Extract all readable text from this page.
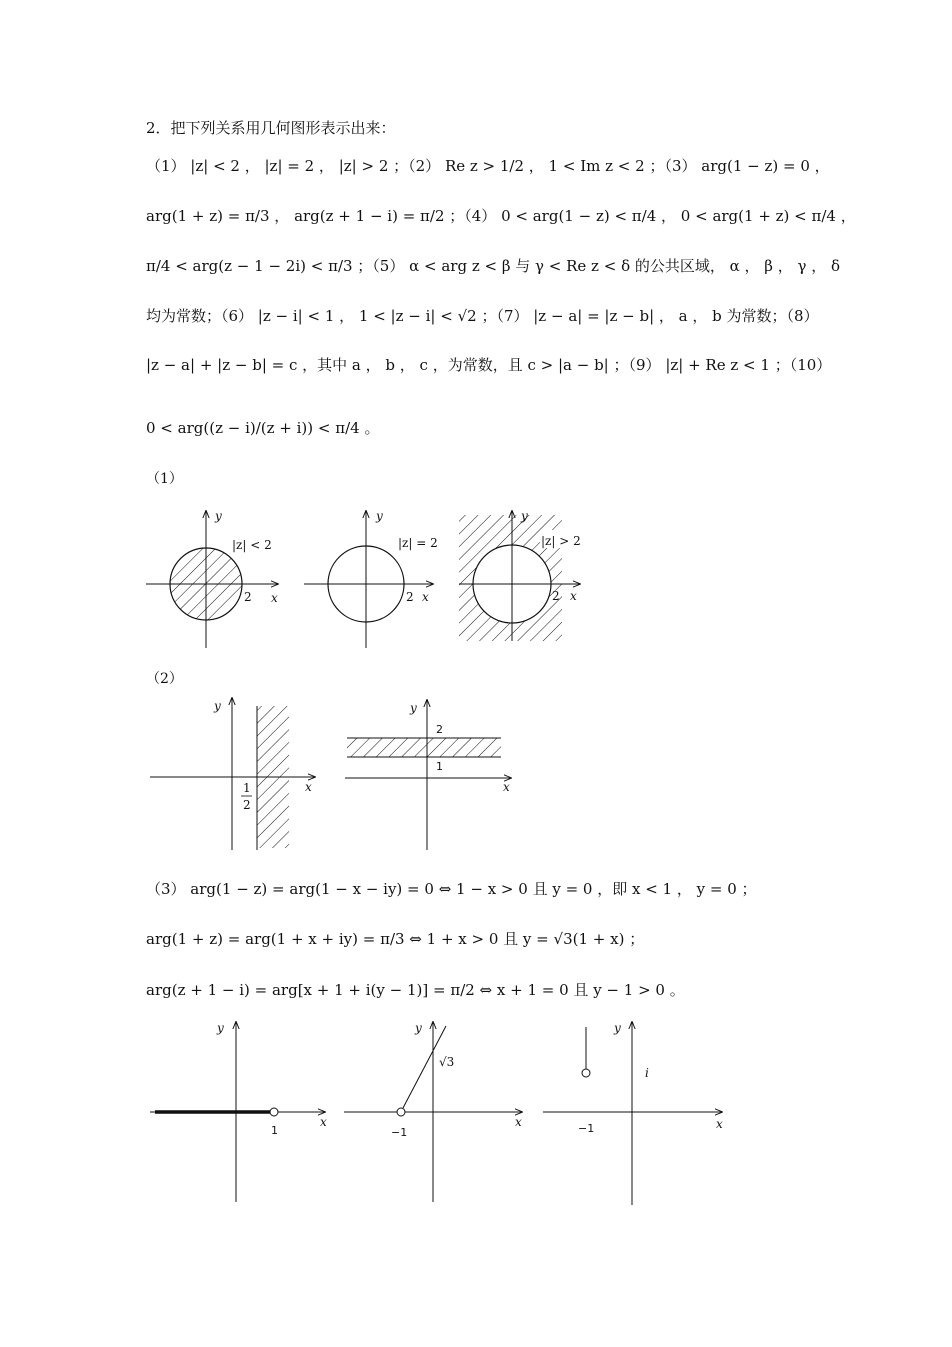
2．把下列关系用几何图形表示出来：
（1） |z| < 2 ， |z| = 2 ， |z| > 2 ；（2） Re z > 1/2 ， 1 < Im z < 2 ；（3） arg(1 − z) = 0 ，
arg(1 + z) = π/3 ， arg(z + 1 − i) = π/2 ；（4） 0 < arg(1 − z) < π/4 ， 0 < arg(1 + z) < π/4 ，
π/4 < arg(z − 1 − 2i) < π/3 ；（5） α < arg z < β 与 γ < Re z < δ 的公共区域， α ， β ， γ ， δ
均为常数；（6） |z − i| < 1 ， 1 < |z − i| < √2 ；（7） |z − a| = |z − b| ， a ， b 为常数；（8）
|z − a| + |z − b| = c ，其中 a ， b ， c ，为常数，且 c > |a − b| ；（9） |z| + Re z < 1 ；（10）
0 < arg((z − i)/(z + i)) < π/4 。
（1）
（2）
（3） arg(1 − z) = arg(1 − x − iy) = 0 ⇔ 1 − x > 0 且 y = 0 ，即 x < 1 ， y = 0 ；
arg(1 + z) = arg(1 + x + iy) = π/3 ⇔ 1 + x > 0 且 y = √3(1 + x) ；
arg(z + 1 − i) = arg[x + 1 + i(y − 1)] = π/2 ⇔ x + 1 = 0 且 y − 1 > 0 。
y
x
2
|z| < 2
y
x
2
|z| = 2
y
x
2
|z| > 2
y
x
1
2
y
x
2
1
y
x
1
y
x
−1
√3
y
x
−1
i
